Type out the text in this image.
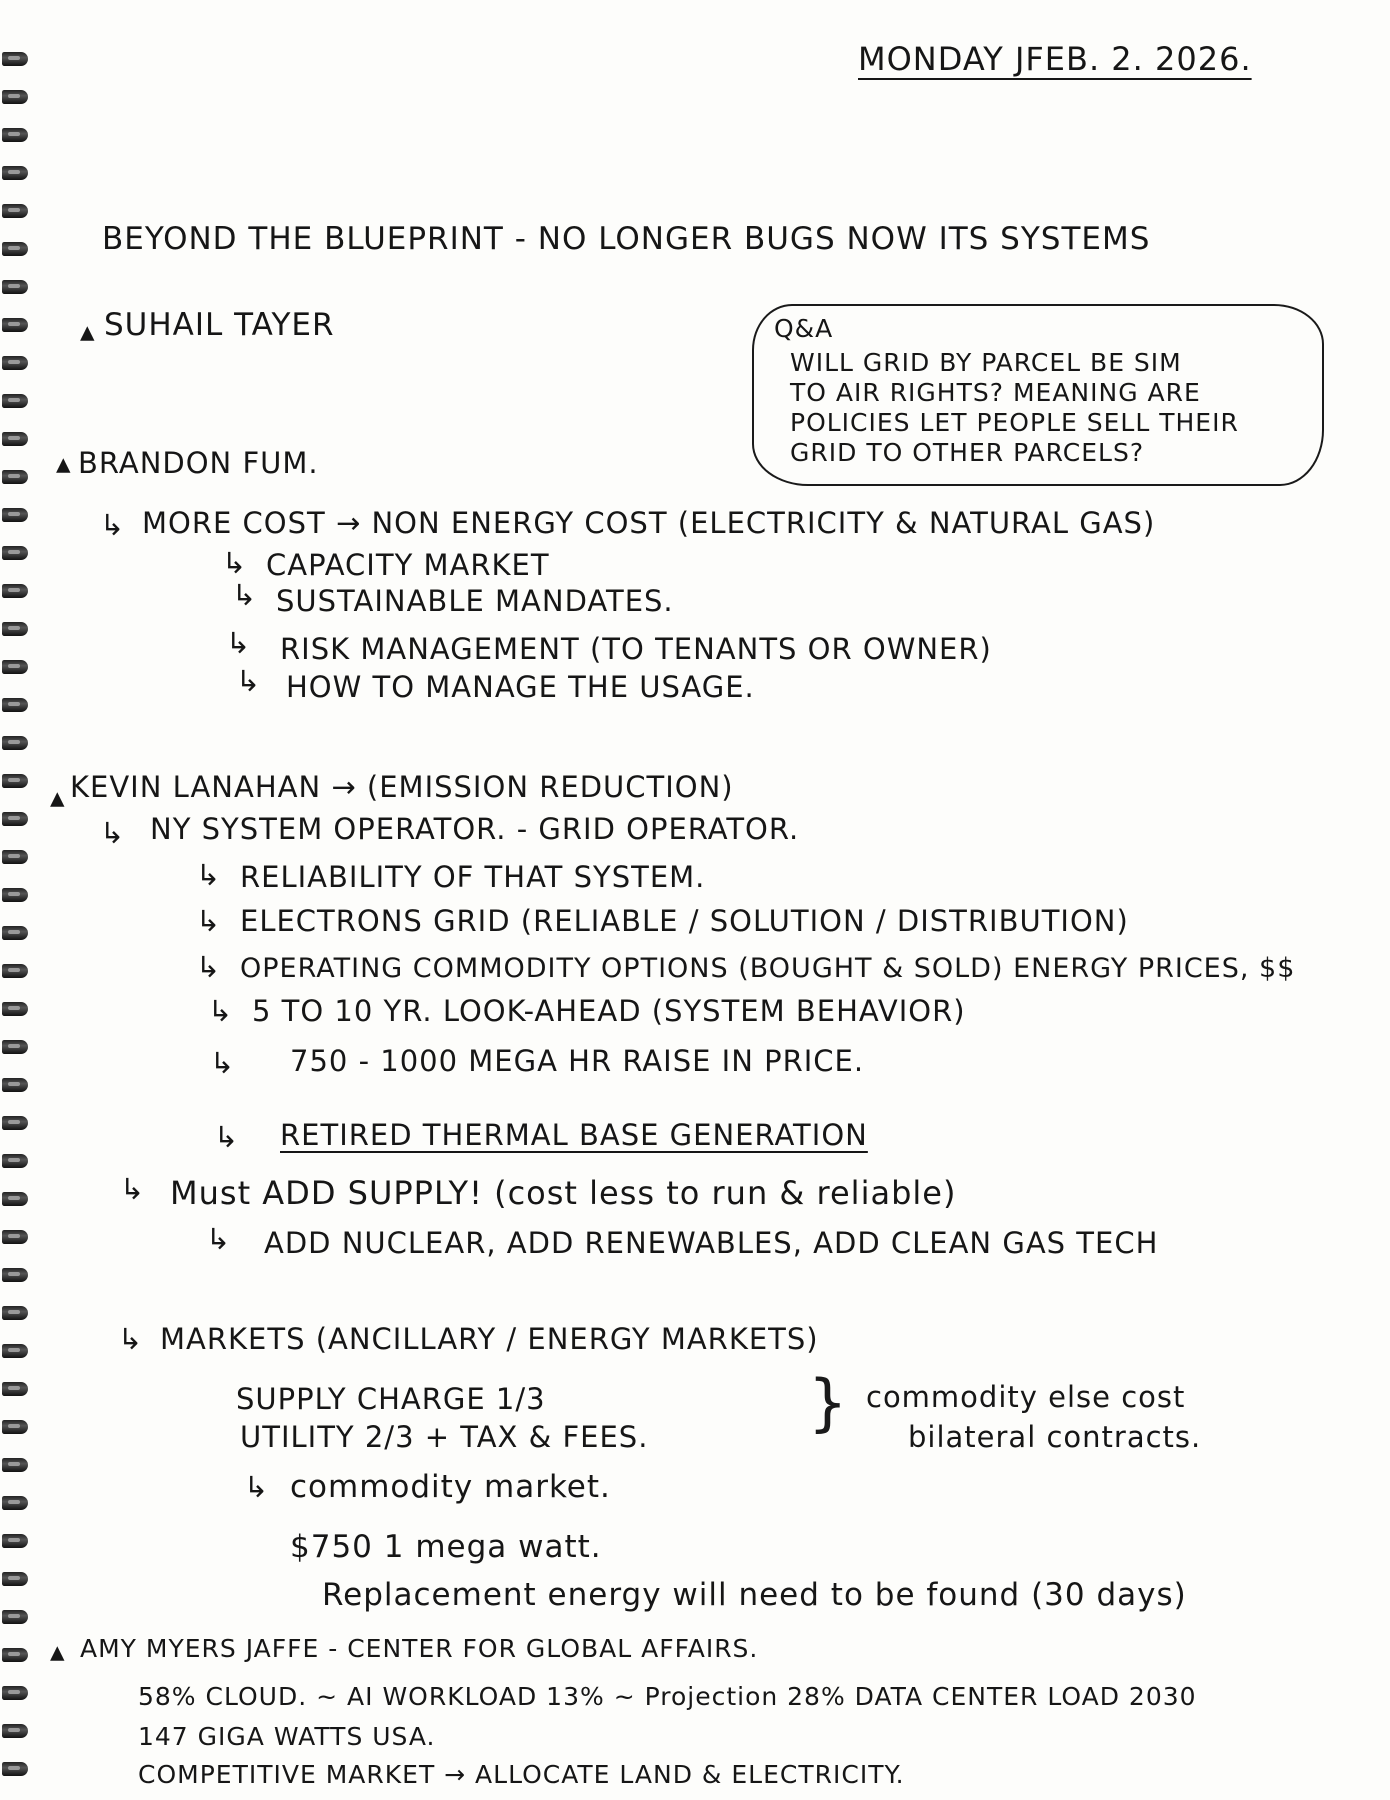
MONDAY JFEB. 2. 2026.
BEYOND THE BLUEPRINT - NO LONGER BUGS NOW ITS SYSTEMS
▴ SUHAIL TAYER	Q&A
WILL GRID BY PARCEL BE SIM
TO AIR RIGHTS? MEANING ARE
POLICIES LET PEOPLE SELL THEIR
GRID TO OTHER PARCELS?
▴ BRANDON FUM.
↳ MORE COST → NON ENERGY COST (ELECTRICITY & NATURAL GAS)
↳ CAPACITY MARKET
↳ SUSTAINABLE MANDATES.
↳ RISK MANAGEMENT (TO TENANTS OR OWNER)
↳ HOW TO MANAGE THE USAGE.
▴ KEVIN LANAHAN → (EMISSION REDUCTION)
↳ NY SYSTEM OPERATOR. - GRID OPERATOR.
↳ RELIABILITY OF THAT SYSTEM.
↳ ELECTRONS GRID (RELIABLE / SOLUTION / DISTRIBUTION)
↳ OPERATING COMMODITY OPTIONS (BOUGHT & SOLD) ENERGY PRICES, $$
↳ 5 TO 10 YR. LOOK-AHEAD (SYSTEM BEHAVIOR)
↳ 750 - 1000 MEGA HR RAISE IN PRICE.
↳ RETIRED THERMAL BASE GENERATION
↳ Must ADD SUPPLY! (cost less to run & reliable)
↳ ADD NUCLEAR, ADD RENEWABLES, ADD CLEAN GAS TECH
↳ MARKETS (ANCILLARY / ENERGY MARKETS)
SUPPLY CHARGE 1/3
UTILITY 2/3 + TAX & FEES.	} commodity else cost
bilateral contracts.
↳ commodity market.
$750 1 mega watt.
Replacement energy will need to be found (30 days)
▴ AMY MYERS JAFFE - CENTER FOR GLOBAL AFFAIRS.
58% CLOUD. ~ AI WORKLOAD 13% ~ Projection 28% DATA CENTER LOAD 2030
147 GIGA WATTS USA.
COMPETITIVE MARKET → ALLOCATE LAND & ELECTRICITY.
